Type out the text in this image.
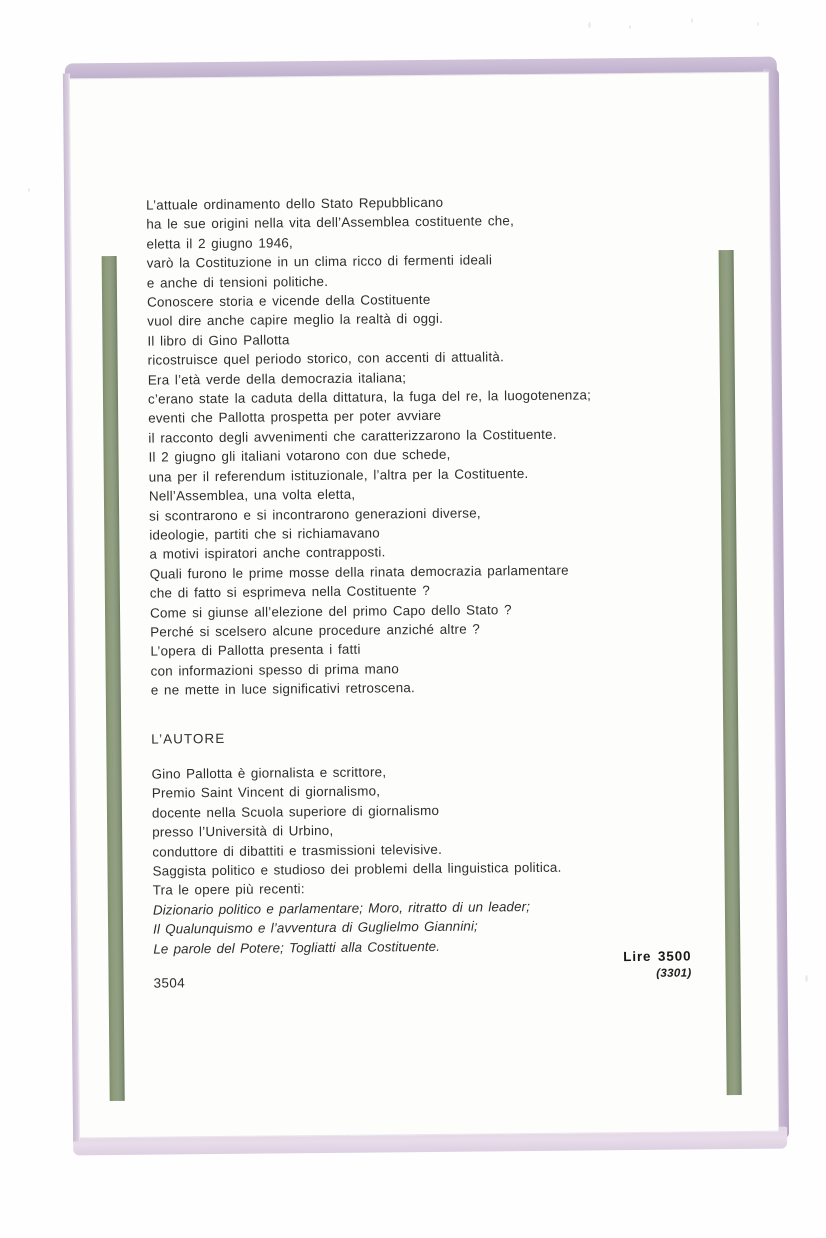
L’attuale ordinamento dello Stato Repubblicano
ha le sue origini nella vita dell’Assemblea costituente che,
eletta il 2 giugno 1946,
varò la Costituzione in un clima ricco di fermenti ideali
e anche di tensioni politiche.
Conoscere storia e vicende della Costituente
vuol dire anche capire meglio la realtà di oggi.
Il libro di Gino Pallotta
ricostruisce quel periodo storico, con accenti di attualità.
Era l’età verde della democrazia italiana;
c’erano state la caduta della dittatura, la fuga del re, la luogotenenza;
eventi che Pallotta prospetta per poter avviare
il racconto degli avvenimenti che caratterizzarono la Costituente.
Il 2 giugno gli italiani votarono con due schede,
una per il referendum istituzionale, l’altra per la Costituente.
Nell’Assemblea, una volta eletta,
si scontrarono e si incontrarono generazioni diverse,
ideologie, partiti che si richiamavano
a motivi ispiratori anche contrapposti.
Quali furono le prime mosse della rinata democrazia parlamentare
che di fatto si esprimeva nella Costituente ?
Come si giunse all’elezione del primo Capo dello Stato ?
Perché si scelsero alcune procedure anziché altre ?
L’opera di Pallotta presenta i fatti
con informazioni spesso di prima mano
e ne mette in luce significativi retroscena.
L’AUTORE
Gino Pallotta è giornalista e scrittore,
Premio Saint Vincent di giornalismo,
docente nella Scuola superiore di giornalismo
presso l’Università di Urbino,
conduttore di dibattiti e trasmissioni televisive.
Saggista politico e studioso dei problemi della linguistica politica.
Tra le opere più recenti:
Dizionario politico e parlamentare; Moro, ritratto di un leader;
Il Qualunquismo e l’avventura di Guglielmo Giannini;
Le parole del Potere; Togliatti alla Costituente.
3504
Lire 3500
(3301)
